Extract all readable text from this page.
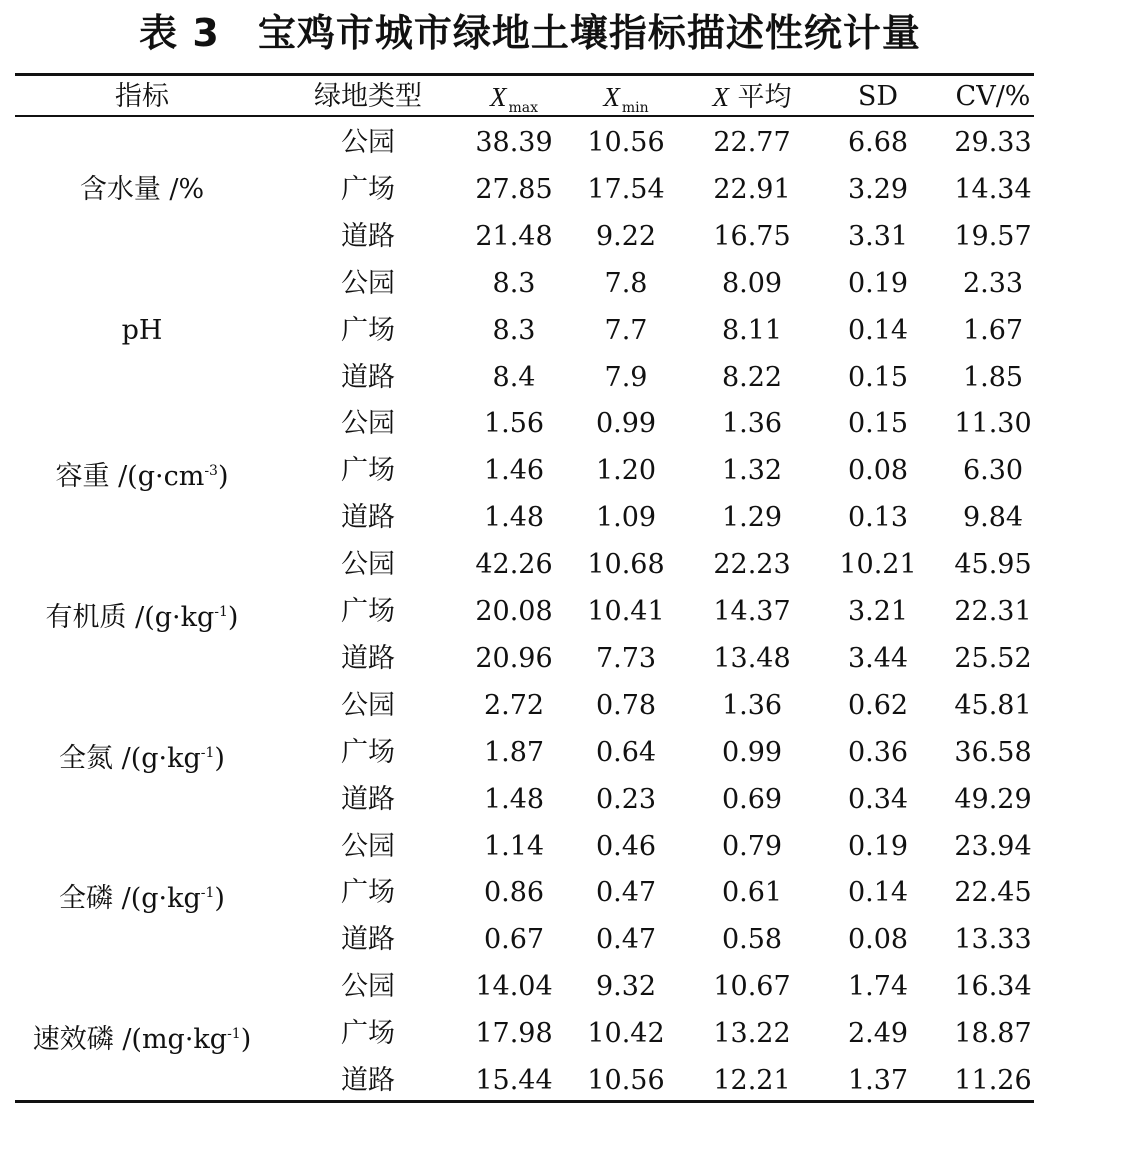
表 3 宝鸡市城市绿地土壤指标描述性统计量
指标	绿地类型	X $_{max}$	X $_{min}$	X 平均	SD	CV/%
含水量 /%
公园	38.39	10.56	22.77	6.68	29.33
广场	27.85	17.54	22.91	3.29	14.34
道路	21.48	9.22	16.75	3.31	19.57
pH
公园	8.3	7.8	8.09	0.19	2.33
广场	8.3	7.7	8.11	0.14	1.67
道路	8.4	7.9	8.22	0.15	1.85
容重 $/(g\cdot cm^{-3})$
公园	1.56	0.99	1.36	0.15	11.30
广场	1.46	1.20	1.32	0.08	6.30
道路	1.48	1.09	1.29	0.13	9.84
有机质 $/(g\cdot kg^{-1})$
公园	42.26	10.68	22.23	10.21	45.95
广场	20.08	10.41	14.37	3.21	22.31
道路	20.96	7.73	13.48	3.44	25.52
全氮 $/(g\cdot kg^{-1})$
公园	2.72	0.78	1.36	0.62	45.81
广场	1.87	0.64	0.99	0.36	36.58
道路	1.48	0.23	0.69	0.34	49.29
全磷 $/(g\cdot kg^{-1})$
公园	1.14	0.46	0.79	0.19	23.94
广场	0.86	0.47	0.61	0.14	22.45
道路	0.67	0.47	0.58	0.08	13.33
速效磷 $/(mg\cdot kg^{-1})$
公园	14.04	9.32	10.67	1.74	16.34
广场	17.98	10.42	13.22	2.49	18.87
道路	15.44	10.56	12.21	1.37	11.26
